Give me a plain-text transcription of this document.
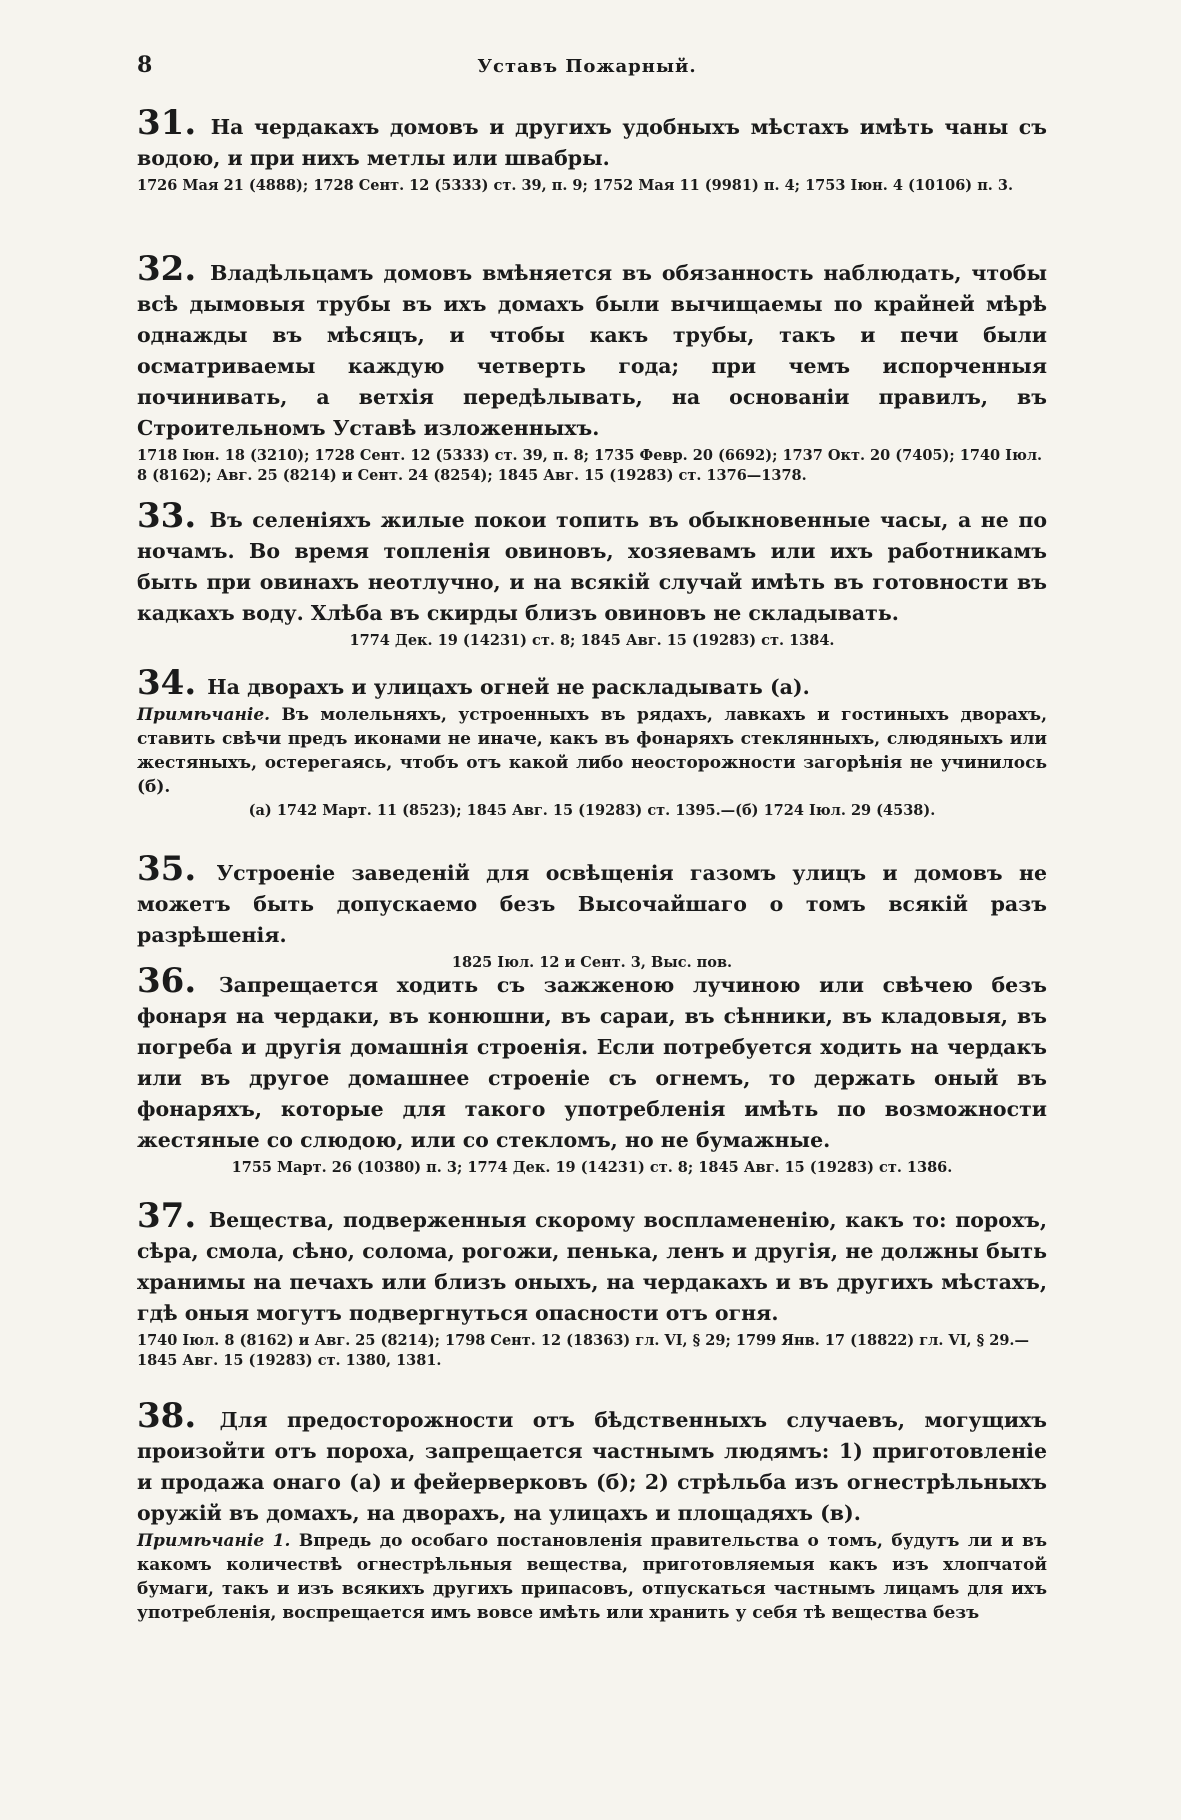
8	Уставъ Пожарный.
31. На чердакахъ домовъ и другихъ удобныхъ мѣстахъ имѣть чаны съ водою, и при нихъ метлы или швабры.
1726 Мая 21 (4888); 1728 Сент. 12 (5333) ст. 39, п. 9; 1752 Мая 11 (9981) п. 4; 1753 Іюн. 4 (10106) п. 3.
32. Владѣльцамъ домовъ вмѣняется въ обязанность наблюдать, чтобы всѣ дымовыя трубы въ ихъ домахъ были вычищаемы по крайней мѣрѣ однажды въ мѣсяцъ, и чтобы какъ трубы, такъ и печи были осматриваемы каждую четверть года; при чемъ испорченныя починивать, а ветхія передѣлывать, на основаніи правилъ, въ Строительномъ Уставѣ изложенныхъ.
1718 Іюн. 18 (3210); 1728 Сент. 12 (5333) ст. 39, п. 8; 1735 Февр. 20 (6692); 1737 Окт. 20 (7405); 1740 Іюл. 8 (8162); Авг. 25 (8214) и Сент. 24 (8254); 1845 Авг. 15 (19283) ст. 1376—1378.
33. Въ селеніяхъ жилые покои топить въ обыкновенные часы, а не по ночамъ. Во время топленія овиновъ, хозяевамъ или ихъ работникамъ быть при овинахъ неотлучно, и на всякій случай имѣть въ готовности въ кадкахъ воду. Хлѣба въ скирды близъ овиновъ не складывать.
1774 Дек. 19 (14231) ст. 8; 1845 Авг. 15 (19283) ст. 1384.
34. На дворахъ и улицахъ огней не раскладывать (а).
Примѣчаніе. Въ молельняхъ, устроенныхъ въ рядахъ, лавкахъ и гостиныхъ дворахъ, ставить свѣчи предъ иконами не иначе, какъ въ фонаряхъ стеклянныхъ, слюдяныхъ или жестяныхъ, остерегаясь, чтобъ отъ какой либо неосторожности загорѣнія не учинилось (б).
(а) 1742 Март. 11 (8523); 1845 Авг. 15 (19283) ст. 1395.—(б) 1724 Іюл. 29 (4538).
35. Устроеніе заведеній для освѣщенія газомъ улицъ и домовъ не можетъ быть допускаемо безъ Высочайшаго о томъ всякій разъ разрѣшенія.
1825 Іюл. 12 и Сент. 3, Выс. пов.
36. Запрещается ходить съ зажженою лучиною или свѣчею безъ фонаря на чердаки, въ конюшни, въ сараи, въ сѣнники, въ кладовыя, въ погреба и другія домашнія строенія. Если потребуется ходить на чердакъ или въ другое домашнее строеніе съ огнемъ, то держать оный въ фонаряхъ, которые для такого употребленія имѣть по возможности жестяные со слюдою, или со стекломъ, но не бумажные.
1755 Март. 26 (10380) п. 3; 1774 Дек. 19 (14231) ст. 8; 1845 Авг. 15 (19283) ст. 1386.
37. Вещества, подверженныя скорому воспламененію, какъ то: порохъ, сѣра, смола, сѣно, солома, рогожи, пенька, ленъ и другія, не должны быть хранимы на печахъ или близъ оныхъ, на чердакахъ и въ другихъ мѣстахъ, гдѣ оныя могутъ подвергнуться опасности отъ огня.
1740 Іюл. 8 (8162) и Авг. 25 (8214); 1798 Сент. 12 (18363) гл. VI, § 29; 1799 Янв. 17 (18822) гл. VI, § 29.—1845 Авг. 15 (19283) ст. 1380, 1381.
38. Для предосторожности отъ бѣдственныхъ случаевъ, могущихъ произойти отъ пороха, запрещается частнымъ людямъ: 1) приготовленіе и продажа онаго (а) и фейерверковъ (б); 2) стрѣльба изъ огнестрѣльныхъ оружій въ домахъ, на дворахъ, на улицахъ и площадяхъ (в).
Примѣчаніе 1. Впредь до особаго постановленія правительства о томъ, будутъ ли и въ какомъ количествѣ огнестрѣльныя вещества, приготовляемыя какъ изъ хлопчатой бумаги, такъ и изъ всякихъ другихъ припасовъ, отпускаться частнымъ лицамъ для ихъ употребленія, воспрещается имъ вовсе имѣть или хранить у себя тѣ вещества безъ
